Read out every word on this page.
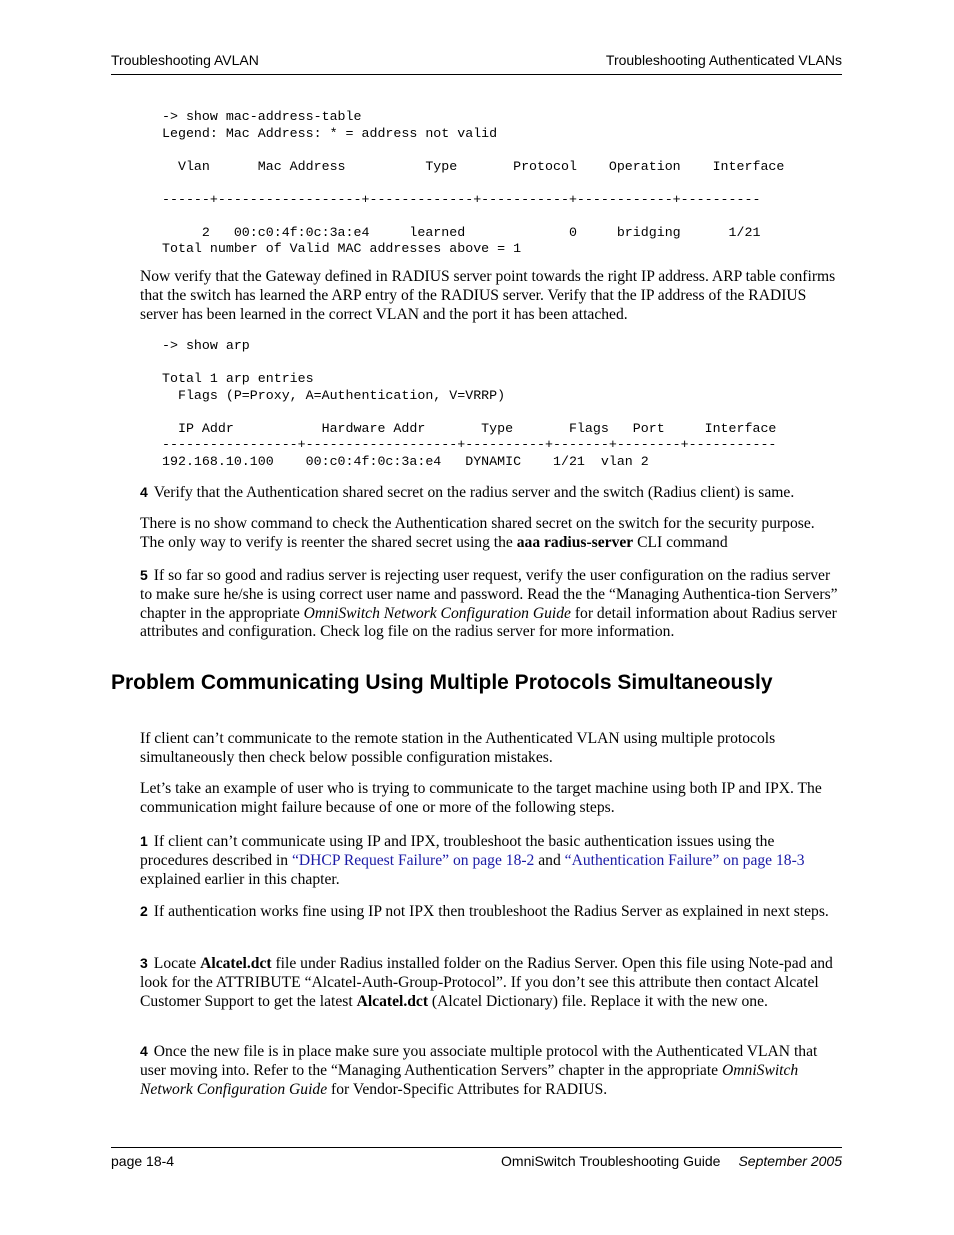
Troubleshooting AVLAN	Troubleshooting Authenticated VLANs
-> show mac-address-table
Legend: Mac Address: * = address not valid

Vlan      Mac Address          Type       Protocol    Operation    Interface

------+------------------+-------------+-----------+------------+----------

2   00:c0:4f:0c:3a:e4     learned             0     bridging      1/21
Total number of Valid MAC addresses above = 1
Now verify that the Gateway defined in RADIUS server point towards the right IP address. ARP table confirms that the switch has learned the ARP entry of the RADIUS server. Verify that the IP address of the RADIUS server has been learned in the correct VLAN and the port it has been attached.
-> show arp

Total 1 arp entries
Flags (P=Proxy, A=Authentication, V=VRRP)

IP Addr           Hardware Addr       Type       Flags   Port     Interface
-----------------+-------------------+----------+-------+--------+-----------
192.168.10.100    00:c0:4f:0c:3a:e4   DYNAMIC    1/21  vlan 2
4 Verify that the Authentication shared secret on the radius server and the switch (Radius client) is same.
There is no show command to check the Authentication shared secret on the switch for the security purpose. The only way to verify is reenter the shared secret using the aaa radius-server CLI command
5 If so far so good and radius server is rejecting user request, verify the user configuration on the radius server to make sure he/she is using correct user name and password. Read the the “Managing Authentica-tion Servers” chapter in the appropriate OmniSwitch Network Configuration Guide for detail information about Radius server attributes and configuration. Check log file on the radius server for more information.
Problem Communicating Using Multiple Protocols Simultaneously
If client can’t communicate to the remote station in the Authenticated VLAN using multiple protocols simultaneously then check below possible configuration mistakes.
Let’s take an example of user who is trying to communicate to the target machine using both IP and IPX. The communication might failure because of one or more of the following steps.
1 If client can’t communicate using IP and IPX, troubleshoot the basic authentication issues using the procedures described in “DHCP Request Failure” on page 18-2 and “Authentication Failure” on page 18-3 explained earlier in this chapter.
2 If authentication works fine using IP not IPX then troubleshoot the Radius Server as explained in next steps.
3 Locate Alcatel.dct file under Radius installed folder on the Radius Server. Open this file using Note-pad and look for the ATTRIBUTE “Alcatel-Auth-Group-Protocol”. If you don’t see this attribute then contact Alcatel Customer Support to get the latest Alcatel.dct (Alcatel Dictionary) file. Replace it with the new one.
4 Once the new file is in place make sure you associate multiple protocol with the Authenticated VLAN that user moving into. Refer to the “Managing Authentication Servers” chapter in the appropriate OmniSwitch Network Configuration Guide for Vendor-Specific Attributes for RADIUS.
page 18-4	OmniSwitch Troubleshooting Guide September 2005
